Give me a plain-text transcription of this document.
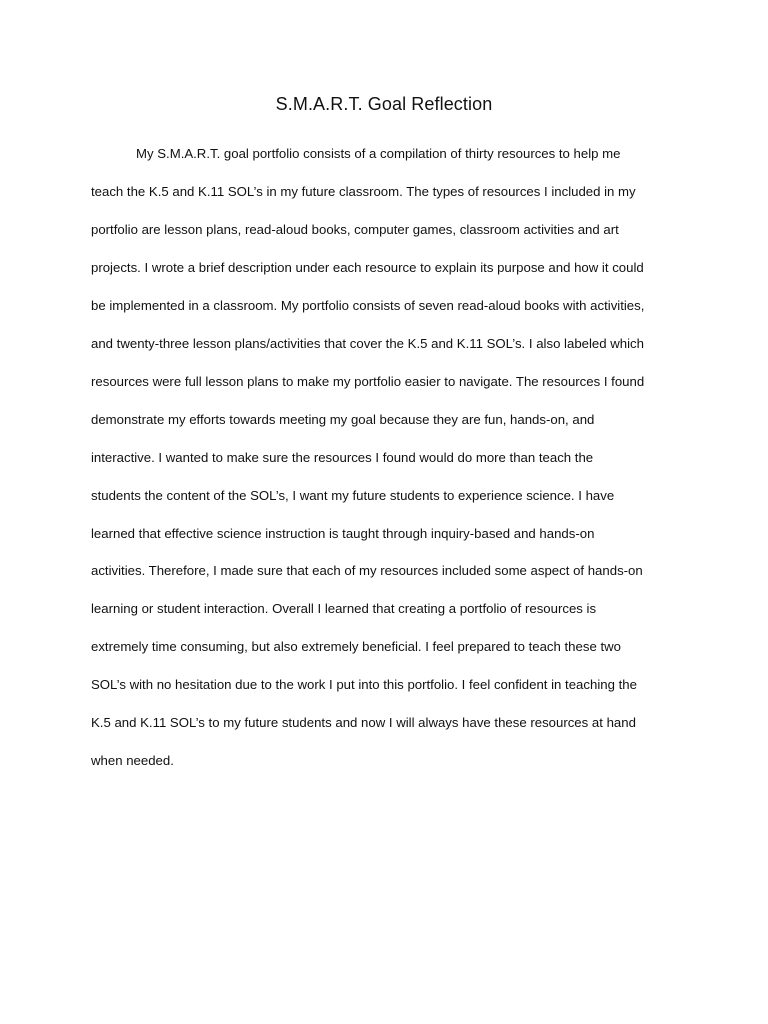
S.M.A.R.T. Goal Reflection

My S.M.A.R.T. goal portfolio consists of a compilation of thirty resources to help me

teach the K.5 and K.11 SOL’s in my future classroom. The types of resources I included in my

portfolio are lesson plans, read-aloud books, computer games, classroom activities and art

projects. I wrote a brief description under each resource to explain its purpose and how it could

be implemented in a classroom. My portfolio consists of seven read-aloud books with activities,

and twenty-three lesson plans/activities that cover the K.5 and K.11 SOL’s. I also labeled which

resources were full lesson plans to make my portfolio easier to navigate. The resources I found

demonstrate my efforts towards meeting my goal because they are fun, hands-on, and

interactive. I wanted to make sure the resources I found would do more than teach the

students the content of the SOL’s, I want my future students to experience science. I have

learned that effective science instruction is taught through inquiry-based and hands-on

activities. Therefore, I made sure that each of my resources included some aspect of hands-on

learning or student interaction. Overall I learned that creating a portfolio of resources is

extremely time consuming, but also extremely beneficial. I feel prepared to teach these two

SOL’s with no hesitation due to the work I put into this portfolio. I feel confident in teaching the

K.5 and K.11 SOL’s to my future students and now I will always have these resources at hand

when needed.
